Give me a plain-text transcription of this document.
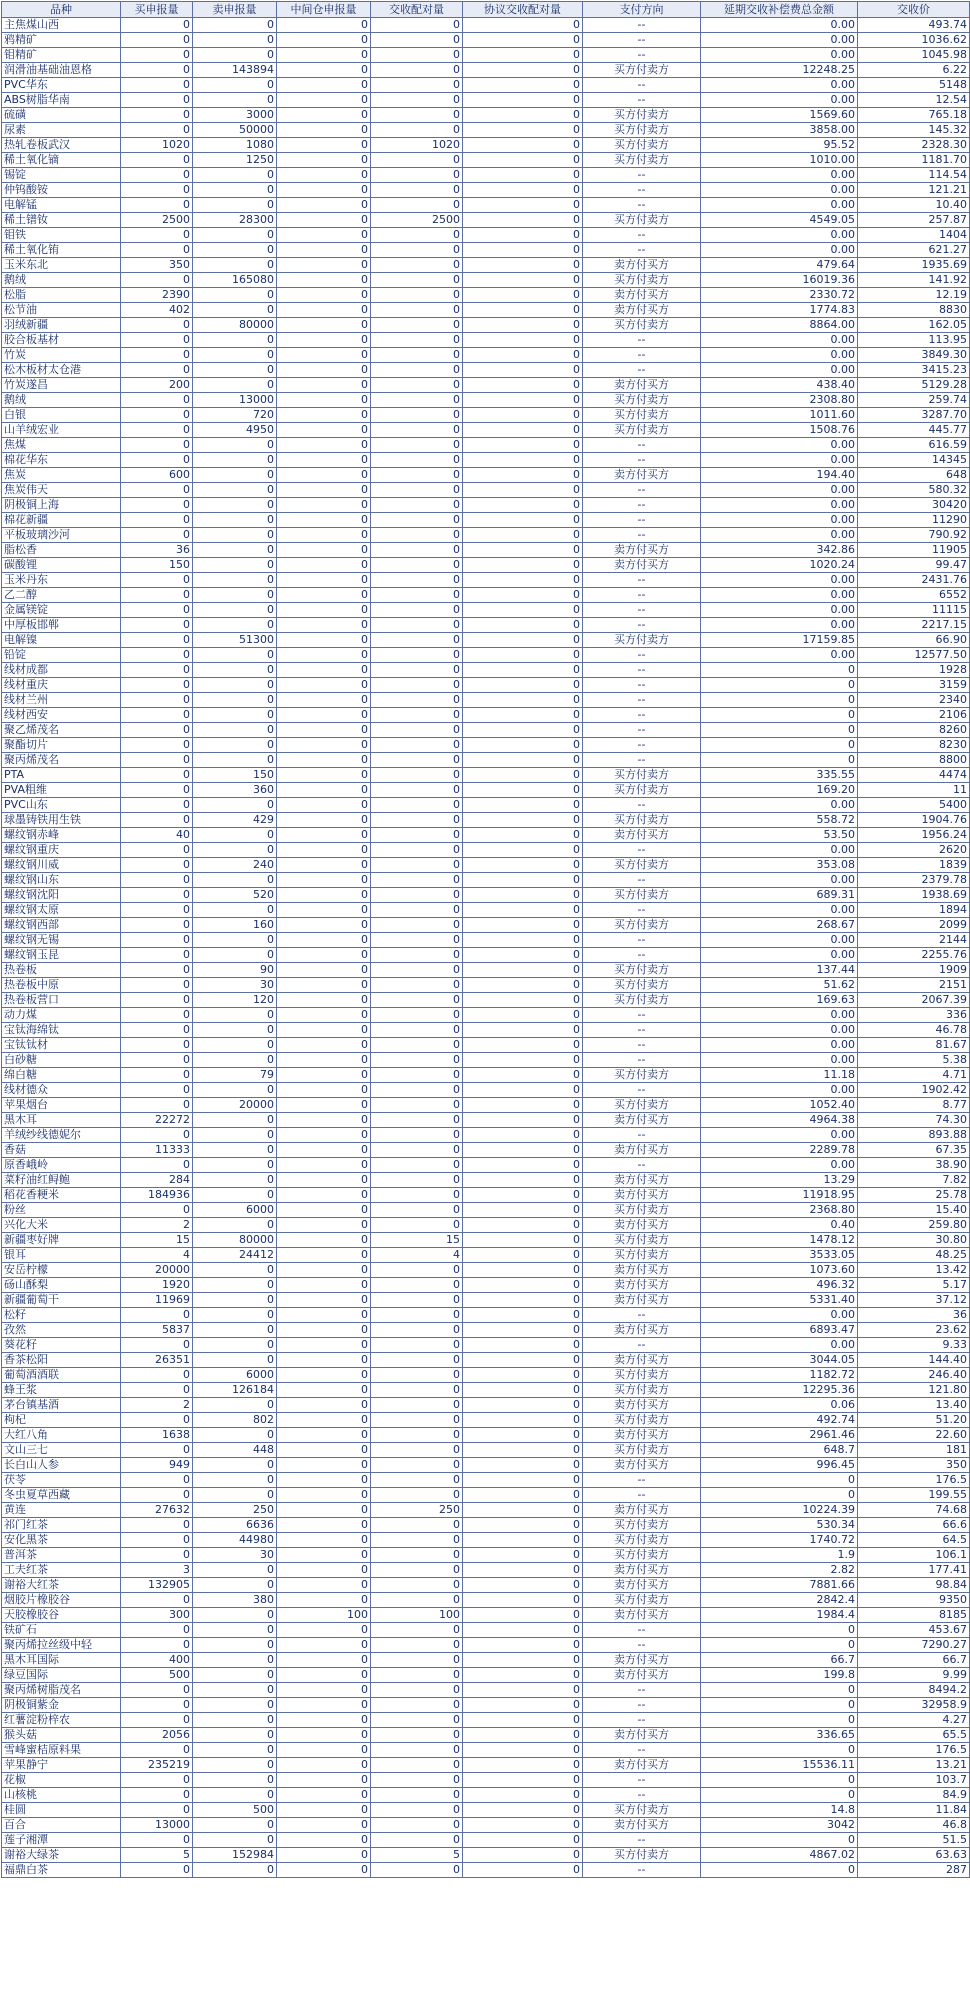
品种	买申报量	卖申报量	中间仓申报量	交收配对量	协议交收配对量	支付方向	延期交收补偿费总金额	交收价
主焦煤山西	0	0	0	0	0	--	0.00	493.74
鸦精矿	0	0	0	0	0	--	0.00	1036.62
钼精矿	0	0	0	0	0	--	0.00	1045.98
润滑油基础油恩格	0	143894	0	0	0	买方付卖方	12248.25	6.22
PVC华东	0	0	0	0	0	--	0.00	5148
ABS树脂华南	0	0	0	0	0	--	0.00	12.54
硫磺	0	3000	0	0	0	买方付卖方	1569.60	765.18
尿素	0	50000	0	0	0	买方付卖方	3858.00	145.32
热轧卷板武汉	1020	1080	0	1020	0	买方付卖方	95.52	2328.30
稀土氧化镝	0	1250	0	0	0	买方付卖方	1010.00	1181.70
锡锭	0	0	0	0	0	--	0.00	114.54
仲钨酸铵	0	0	0	0	0	--	0.00	121.21
电解锰	0	0	0	0	0	--	0.00	10.40
稀土镨钕	2500	28300	0	2500	0	买方付卖方	4549.05	257.87
钼铁	0	0	0	0	0	--	0.00	1404
稀土氧化铕	0	0	0	0	0	--	0.00	621.27
玉米东北	350	0	0	0	0	卖方付买方	479.64	1935.69
鹅绒	0	165080	0	0	0	买方付卖方	16019.36	141.92
松脂	2390	0	0	0	0	卖方付买方	2330.72	12.19
松节油	402	0	0	0	0	卖方付买方	1774.83	8830
羽绒新疆	0	80000	0	0	0	买方付卖方	8864.00	162.05
胶合板基材	0	0	0	0	0	--	0.00	113.95
竹炭	0	0	0	0	0	--	0.00	3849.30
松木板材太仓港	0	0	0	0	0	--	0.00	3415.23
竹炭遂昌	200	0	0	0	0	卖方付买方	438.40	5129.28
鹅绒	0	13000	0	0	0	买方付卖方	2308.80	259.74
白银	0	720	0	0	0	买方付卖方	1011.60	3287.70
山羊绒宏业	0	4950	0	0	0	买方付卖方	1508.76	445.77
焦煤	0	0	0	0	0	--	0.00	616.59
棉花华东	0	0	0	0	0	--	0.00	14345
焦炭	600	0	0	0	0	卖方付买方	194.40	648
焦炭伟天	0	0	0	0	0	--	0.00	580.32
阴极铜上海	0	0	0	0	0	--	0.00	30420
棉花新疆	0	0	0	0	0	--	0.00	11290
平板玻璃沙河	0	0	0	0	0	--	0.00	790.92
脂松香	36	0	0	0	0	卖方付买方	342.86	11905
碳酸锂	150	0	0	0	0	卖方付买方	1020.24	99.47
玉米丹东	0	0	0	0	0	--	0.00	2431.76
乙二醇	0	0	0	0	0	--	0.00	6552
金属镁锭	0	0	0	0	0	--	0.00	11115
中厚板邯郸	0	0	0	0	0	--	0.00	2217.15
电解镍	0	51300	0	0	0	买方付卖方	17159.85	66.90
铅锭	0	0	0	0	0	--	0.00	12577.50
线材成都	0	0	0	0	0	--	0	1928
线材重庆	0	0	0	0	0	--	0	3159
线材兰州	0	0	0	0	0	--	0	2340
线材西安	0	0	0	0	0	--	0	2106
聚乙烯茂名	0	0	0	0	0	--	0	8260
聚酯切片	0	0	0	0	0	--	0	8230
聚丙烯茂名	0	0	0	0	0	--	0	8800
PTA	0	150	0	0	0	买方付卖方	335.55	4474
PVA粗维	0	360	0	0	0	买方付卖方	169.20	11
PVC山东	0	0	0	0	0	--	0.00	5400
球墨铸铁用生铁	0	429	0	0	0	买方付卖方	558.72	1904.76
螺纹钢赤峰	40	0	0	0	0	卖方付买方	53.50	1956.24
螺纹钢重庆	0	0	0	0	0	--	0.00	2620
螺纹钢川威	0	240	0	0	0	买方付卖方	353.08	1839
螺纹钢山东	0	0	0	0	0	--	0.00	2379.78
螺纹钢沈阳	0	520	0	0	0	买方付卖方	689.31	1938.69
螺纹钢太原	0	0	0	0	0	--	0.00	1894
螺纹钢西部	0	160	0	0	0	买方付卖方	268.67	2099
螺纹钢无锡	0	0	0	0	0	--	0.00	2144
螺纹钢玉昆	0	0	0	0	0	--	0.00	2255.76
热卷板	0	90	0	0	0	买方付卖方	137.44	1909
热卷板中原	0	30	0	0	0	买方付卖方	51.62	2151
热卷板营口	0	120	0	0	0	买方付卖方	169.63	2067.39
动力煤	0	0	0	0	0	--	0.00	336
宝钛海绵钛	0	0	0	0	0	--	0.00	46.78
宝钛钛材	0	0	0	0	0	--	0.00	81.67
白砂糖	0	0	0	0	0	--	0.00	5.38
绵白糖	0	79	0	0	0	买方付卖方	11.18	4.71
线材德众	0	0	0	0	0	--	0.00	1902.42
苹果烟台	0	20000	0	0	0	买方付卖方	1052.40	8.77
黑木耳	22272	0	0	0	0	卖方付买方	4964.38	74.30
羊绒纱线德妮尔	0	0	0	0	0	--	0.00	893.88
香菇	11333	0	0	0	0	卖方付买方	2289.78	67.35
原香峨岭	0	0	0	0	0	--	0.00	38.90
菜籽油红鲟鲍	284	0	0	0	0	卖方付买方	13.29	7.82
稻花香粳米	184936	0	0	0	0	卖方付买方	11918.95	25.78
粉丝	0	6000	0	0	0	买方付卖方	2368.80	15.40
兴化大米	2	0	0	0	0	卖方付买方	0.40	259.80
新疆枣好牌	15	80000	0	15	0	买方付卖方	1478.12	30.80
银耳	4	24412	0	4	0	买方付卖方	3533.05	48.25
安岳柠檬	20000	0	0	0	0	卖方付买方	1073.60	13.42
砀山酥梨	1920	0	0	0	0	卖方付买方	496.32	5.17
新疆葡萄干	11969	0	0	0	0	卖方付买方	5331.40	37.12
松籽	0	0	0	0	0	--	0.00	36
孜然	5837	0	0	0	0	卖方付买方	6893.47	23.62
葵花籽	0	0	0	0	0	--	0.00	9.33
香茶松阳	26351	0	0	0	0	卖方付买方	3044.05	144.40
葡萄酒酒联	0	6000	0	0	0	买方付卖方	1182.72	246.40
蜂王浆	0	126184	0	0	0	买方付卖方	12295.36	121.80
茅台镇基酒	2	0	0	0	0	卖方付买方	0.06	13.40
枸杞	0	802	0	0	0	买方付卖方	492.74	51.20
大红八角	1638	0	0	0	0	卖方付买方	2961.46	22.60
文山三七	0	448	0	0	0	买方付卖方	648.7	181
长白山人参	949	0	0	0	0	卖方付买方	996.45	350
茯苓	0	0	0	0	0	--	0	176.5
冬虫夏草西藏	0	0	0	0	0	--	0	199.55
黄连	27632	250	0	250	0	卖方付买方	10224.39	74.68
祁门红茶	0	6636	0	0	0	买方付卖方	530.34	66.6
安化黑茶	0	44980	0	0	0	买方付卖方	1740.72	64.5
普洱茶	0	30	0	0	0	买方付卖方	1.9	106.1
工夫红茶	3	0	0	0	0	卖方付买方	2.82	177.41
谢裕大红茶	132905	0	0	0	0	卖方付买方	7881.66	98.84
烟胶片橡胶谷	0	380	0	0	0	买方付卖方	2842.4	9350
天胶橡胶谷	300	0	100	100	0	卖方付买方	1984.4	8185
铁矿石	0	0	0	0	0	--	0	453.67
聚丙烯拉丝级中轻	0	0	0	0	0	--	0	7290.27
黑木耳国际	400	0	0	0	0	卖方付买方	66.7	66.7
绿豆国际	500	0	0	0	0	卖方付买方	199.8	9.99
聚丙烯树脂茂名	0	0	0	0	0	--	0	8494.2
阴极铜紫金	0	0	0	0	0	--	0	32958.9
红薯淀粉梓农	0	0	0	0	0	--	0	4.27
猴头菇	2056	0	0	0	0	卖方付买方	336.65	65.5
雪峰蜜桔原料果	0	0	0	0	0	--	0	176.5
苹果静宁	235219	0	0	0	0	卖方付买方	15536.11	13.21
花椒	0	0	0	0	0	--	0	103.7
山核桃	0	0	0	0	0	--	0	84.9
桂圆	0	500	0	0	0	买方付卖方	14.8	11.84
百合	13000	0	0	0	0	卖方付买方	3042	46.8
莲子湘潭	0	0	0	0	0	--	0	51.5
谢裕大绿茶	5	152984	0	5	0	买方付卖方	4867.02	63.63
福鼎白茶	0	0	0	0	0	--	0	287
